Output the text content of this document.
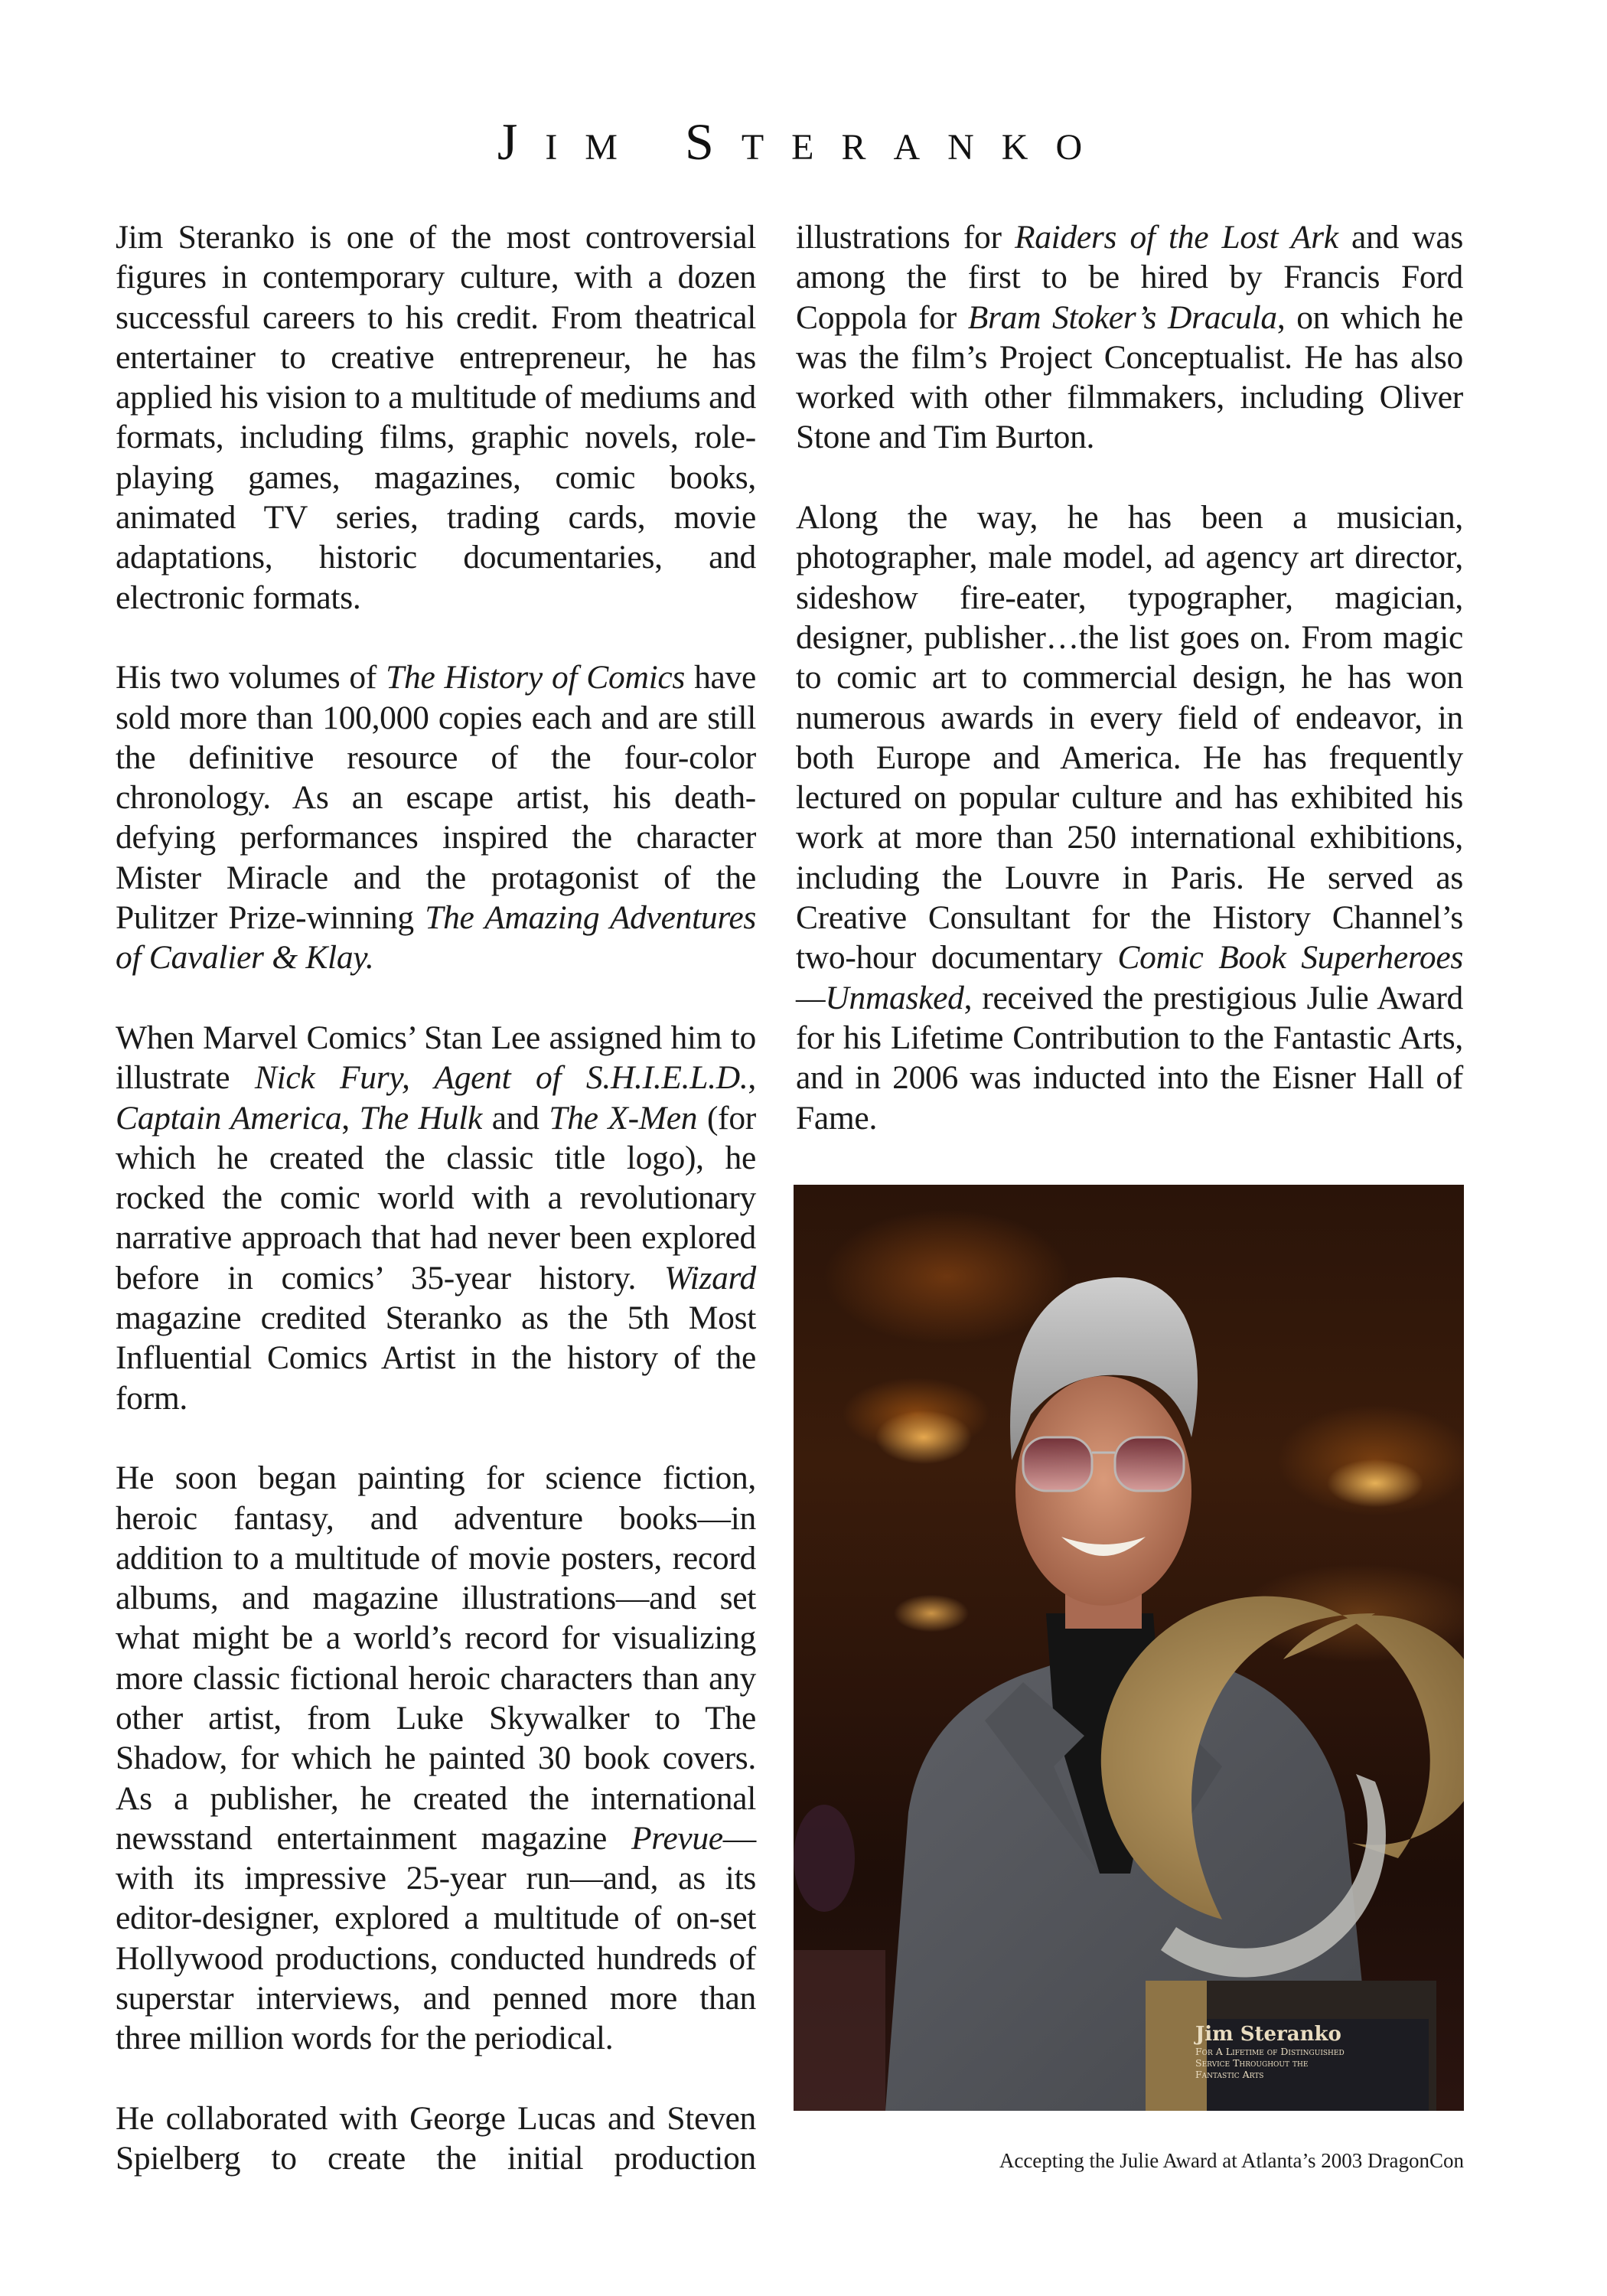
Jim Steranko

Jim Steranko is one of the most controversial figures in contemporary culture, with a dozen successful careers to his credit. From theatrical entertainer to creative entrepreneur, he has applied his vision to a multitude of mediums and formats, including films, graphic novels, role-playing games, magazines, comic books, animated TV series, trading cards, movie adaptations, historic documentaries, and electronic formats.

His two volumes of The History of Comics have sold more than 100,000 copies each and are still the definitive resource of the four-color chronology. As an escape artist, his death-defying performances inspired the character Mister Miracle and the protagonist of the Pulitzer Prize-winning The Amazing Adventures of Cavalier & Klay.

When Marvel Comics’ Stan Lee assigned him to illustrate Nick Fury, Agent of S.H.I.E.L.D., Captain America, The Hulk and The X-Men (for which he created the classic title logo), he rocked the comic world with a revolutionary narrative approach that had never been explored before in comics’ 35-year history. Wizard magazine credited Steranko as the 5th Most Influential Comics Artist in the history of the form.

He soon began painting for science fiction, heroic fantasy, and adventure books—in addition to a multitude of movie posters, record albums, and magazine illustrations—and set what might be a world’s record for visualizing more classic fictional heroic characters than any other artist, from Luke Skywalker to The Shadow, for which he painted 30 book covers. As a publisher, he created the international newsstand entertainment magazine Prevue—with its impressive 25-year run—and, as its editor-designer, explored a multitude of on-set Hollywood productions, conducted hundreds of superstar interviews, and penned more than three million words for the periodical.

He collaborated with George Lucas and Steven Spielberg to create the initial production

illustrations for Raiders of the Lost Ark and was among the first to be hired by Francis Ford Coppola for Bram Stoker’s Dracula, on which he was the film’s Project Conceptualist. He has also worked with other filmmakers, including Oliver Stone and Tim Burton.

Along the way, he has been a musician, photographer, male model, ad agency art director, sideshow fire-eater, typographer, magician, designer, publisher…the list goes on. From magic to comic art to commercial design, he has won numerous awards in every field of endeavor, in both Europe and America. He has frequently lectured on popular culture and has exhibited his work at more than 250 international exhibitions, including the Louvre in Paris. He served as Creative Consultant for the History Channel’s two-hour documentary Comic Book Superheroes—Unmasked, received the prestigious Julie Award for his Lifetime Contribution to the Fantastic Arts, and in 2006 was inducted into the Eisner Hall of Fame.

Jim Steranko
For A Lifetime of Distinguished
Service Throughout the
Fantastic Arts
Accepting the Julie Award at Atlanta’s 2003 DragonCon
